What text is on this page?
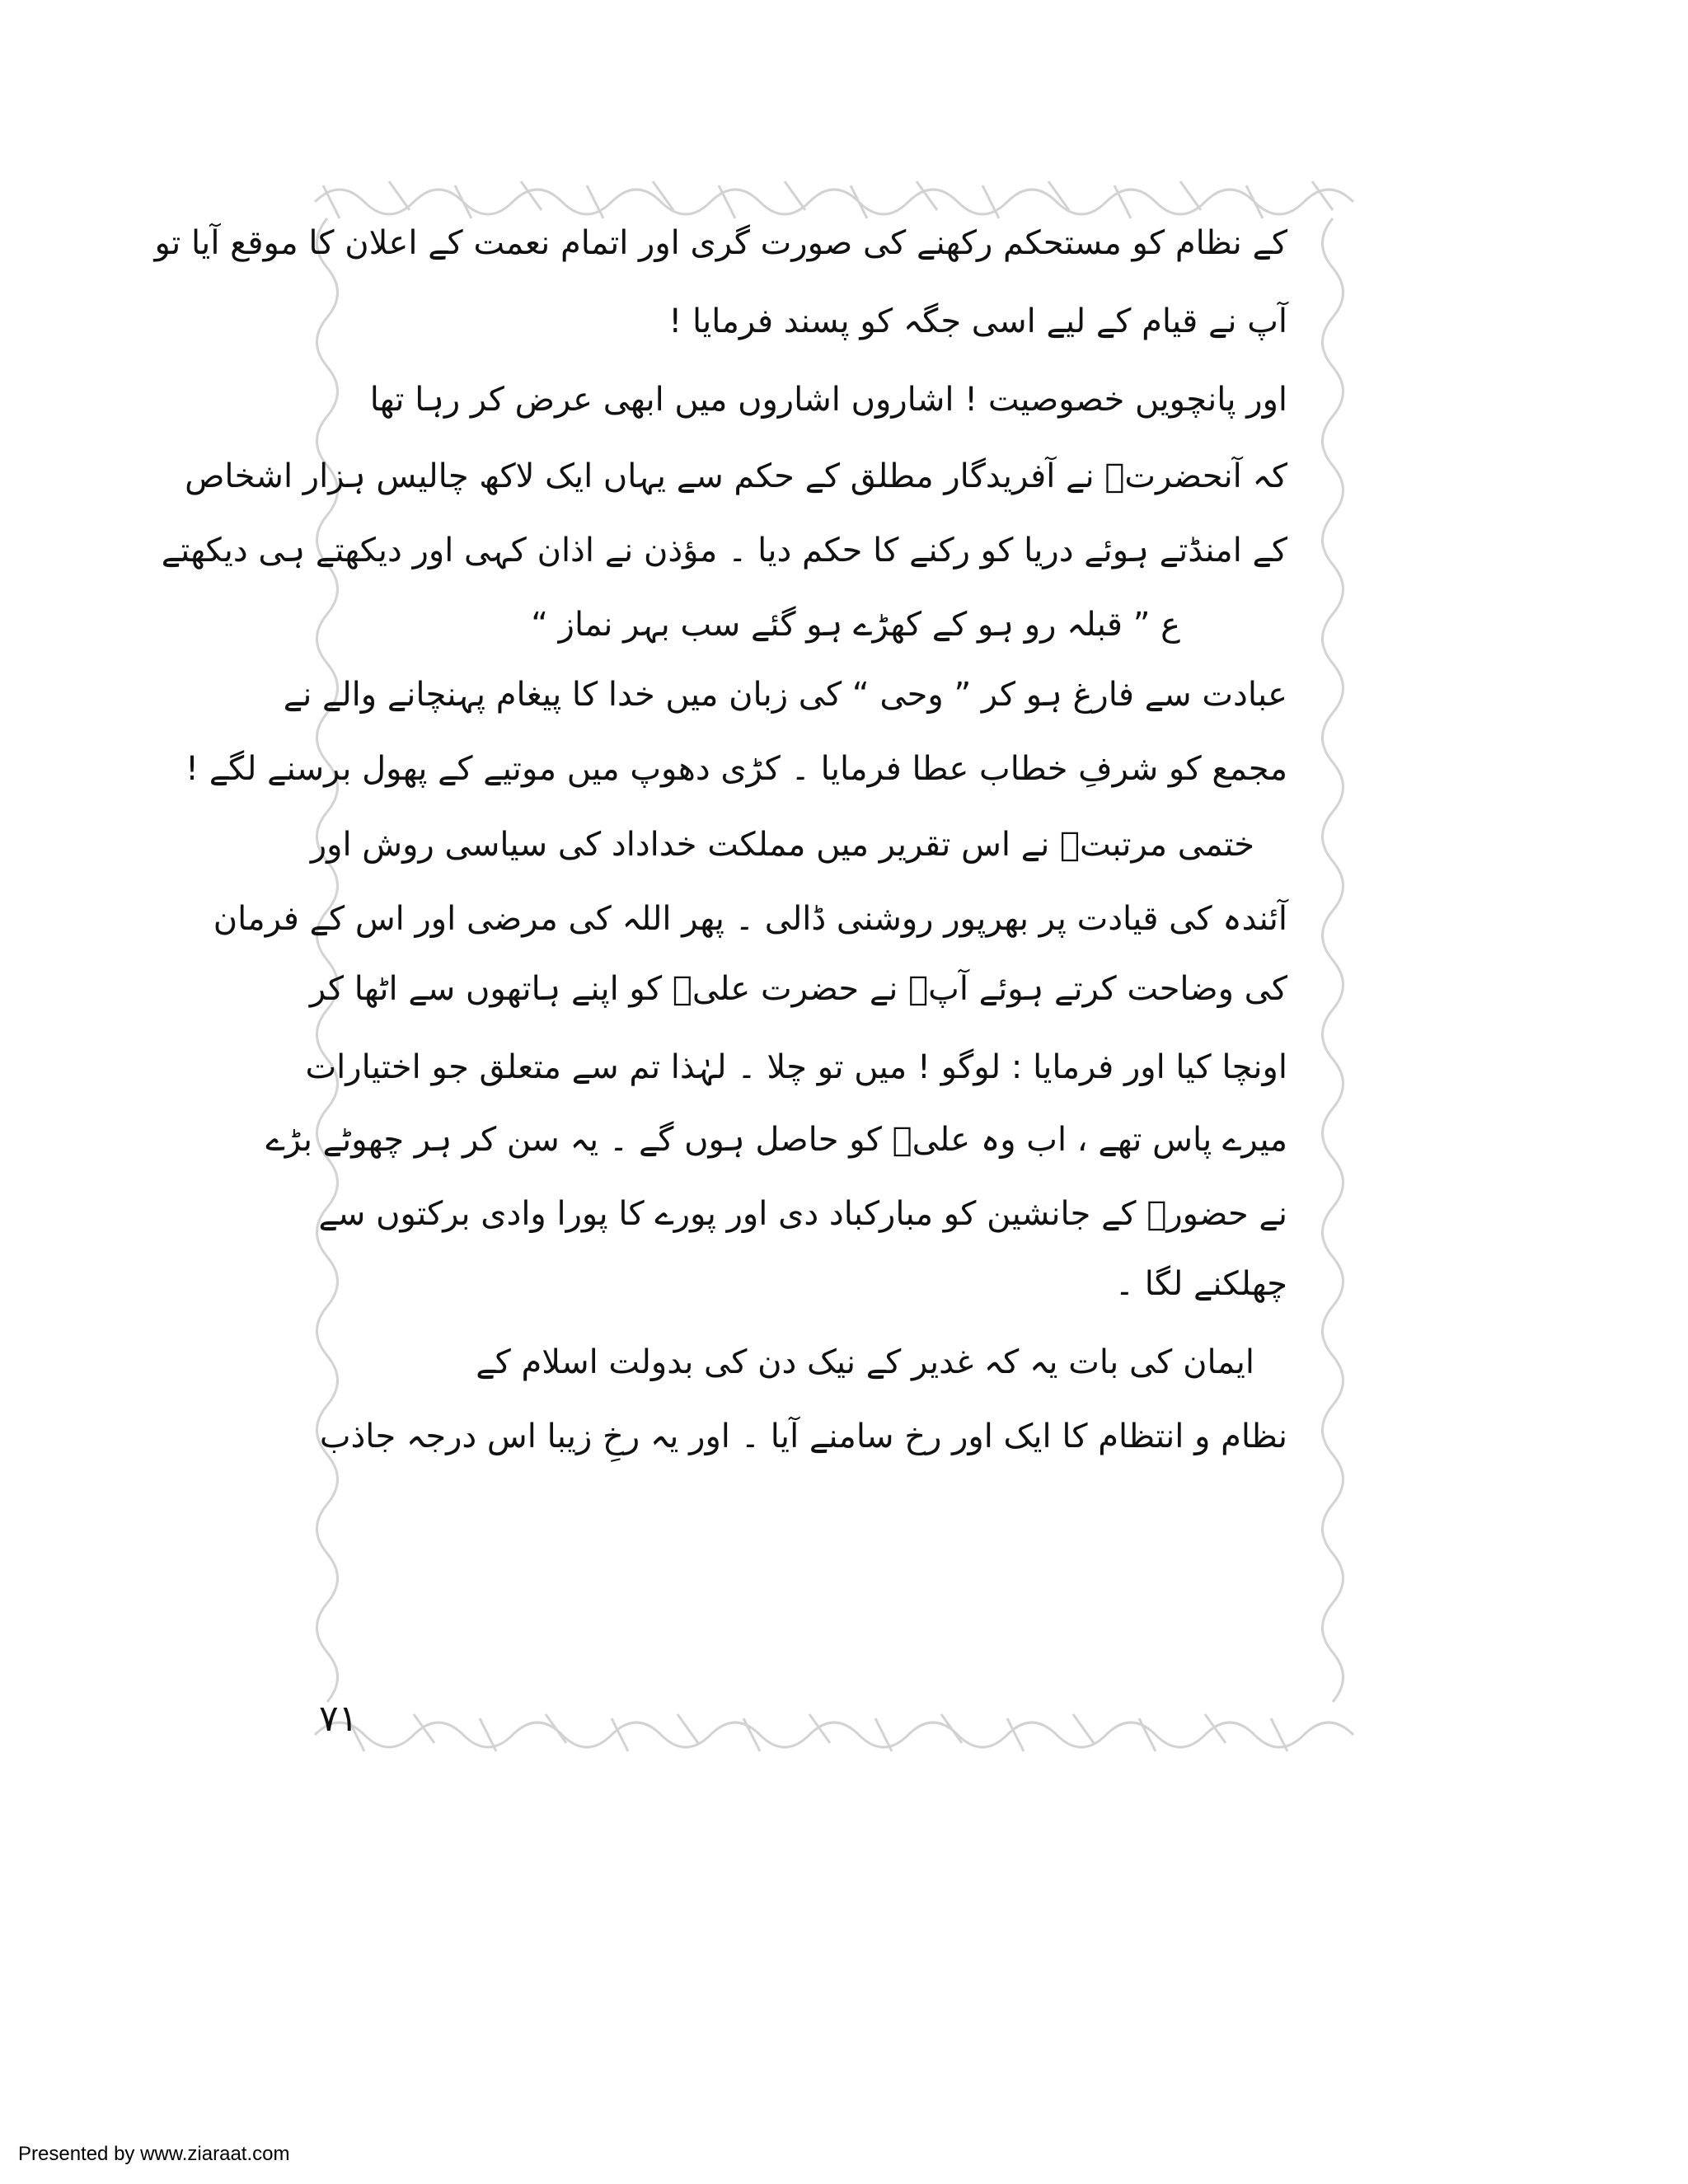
کے نظام کو مستحکم رکھنے کی صورت گری اور اتمام نعمت کے اعلان کا موقع آیا تو
آپ نے قیام کے لیے اسی جگہ کو پسند فرمایا !
اور پانچویں خصوصیت ! اشاروں اشاروں میں ابھی عرض کر رہا تھا
کہ آنحضرتؐ نے آفریدگار مطلق کے حکم سے یہاں ایک لاکھ چالیس ہزار اشخاص
کے امنڈتے ہوئے دریا کو رکنے کا حکم دیا ۔ مؤذن نے اذان کہی اور دیکھتے ہی دیکھتے
ع ” قبلہ رو ہو کے کھڑے ہو گئے سب بہر نماز “
عبادت سے فارغ ہو کر ” وحی “ کی زبان میں خدا کا پیغام پہنچانے والے نے
مجمع کو شرفِ خطاب عطا فرمایا ۔ کڑی دھوپ میں موتیے کے پھول برسنے لگے !
ختمی مرتبتؐ نے اس تقریر میں مملکت خداداد کی سیاسی روش اور
آئندہ کی قیادت پر بھرپور روشنی ڈالی ۔ پھر اللہ کی مرضی اور اس کے فرمان
کی وضاحت کرتے ہوئے آپؐ نے حضرت علیؑ کو اپنے ہاتھوں سے اٹھا کر
اونچا کیا اور فرمایا : لوگو ! میں تو چلا ۔ لہٰذا تم سے متعلق جو اختیارات
میرے پاس تھے ، اب وہ علیؑ کو حاصل ہوں گے ۔ یہ سن کر ہر چھوٹے بڑے
نے حضورؐ کے جانشین کو مبارکباد دی اور پورے کا پورا وادی برکتوں سے
چھلکنے لگا ۔
ایمان کی بات یہ کہ غدیر کے نیک دن کی بدولت اسلام کے
نظام و انتظام کا ایک اور رخ سامنے آیا ۔ اور یہ رخِ زیبا اس درجہ جاذب
۷۱
Presented by www.ziaraat.com
